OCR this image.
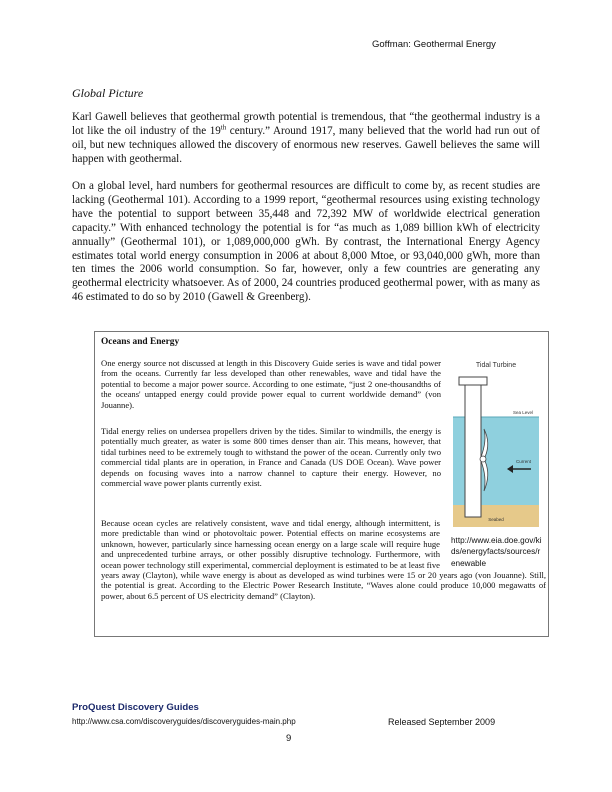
Goffman: Geothermal Energy
Global Picture

Karl Gawell believes that geothermal growth potential is tremendous, that “the geothermal industry is a lot like the oil industry of the 19th century.” Around 1917, many believed that the world had run out of oil, but new techniques allowed the discovery of enormous new reserves. Gawell believes the same will happen with geothermal.

On a global level, hard numbers for geothermal resources are difficult to come by, as recent studies are lacking (Geothermal 101). According to a 1999 report, “geothermal resources using existing technology have the potential to support between 35,448 and 72,392 MW of worldwide electrical generation capacity.” With enhanced technology the potential is for “as much as 1,089 billion kWh of electricity annually” (Geothermal 101), or 1,089,000,000 gWh. By contrast, the International Energy Agency estimates total world energy consumption in 2006 at about 8,000 Mtoe, or 93,040,000 gWh, more than ten times the 2006 world consumption. So far, however, only a few countries are generating any geothermal electricity whatsoever. As of 2000, 24 countries produced geothermal power, with as many as 46 estimated to do so by 2010 (Gawell & Greenberg).

Oceans and Energy

One energy source not discussed at length in this Discovery Guide series is wave and tidal power from the oceans. Currently far less developed than other renewables, wave and tidal have the potential to become a major power source. According to one estimate, “just 2 one-thousandths of the oceans' untapped energy could provide power equal to current worldwide demand” (von Jouanne).

Tidal energy relies on undersea propellers driven by the tides. Similar to windmills, the energy is potentially much greater, as water is some 800 times denser than air. This means, however, that tidal turbines need to be extremely tough to withstand the power of the ocean. Currently only two commercial tidal plants are in operation, in France and Canada (US DOE Ocean). Wave power depends on focusing waves into a narrow channel to capture their energy. However, no commercial wave power plants currently exist.

Because ocean cycles are relatively consistent, wave and tidal energy, although intermittent, is more predictable than wind or photovoltaic power. Potential effects on marine ecosystems are unknown, however, particularly since harnessing ocean energy on a large scale will require huge and unprecedented turbine arrays, or other possibly disruptive technology. Furthermore, with ocean power technology still experimental, commercial deployment is estimated to be at least five years away (Clayton), while wave energy is about as developed as wind turbines were 15 or 20 years ago (von Jouanne). Still, the potential is great. According to the Electric Power Research Institute, “Waves alone could produce 10,000 megawatts of power, about 6.5 percent of US electricity demand” (Clayton).

Tidal Turbine
Sea Level
Current
Seabed
http://www.eia.doe.gov/kids/energyfacts/sources/renewable
ProQuest Discovery Guides
http://www.csa.com/discoveryguides/discoveryguides-main.php	Released September 2009
9
